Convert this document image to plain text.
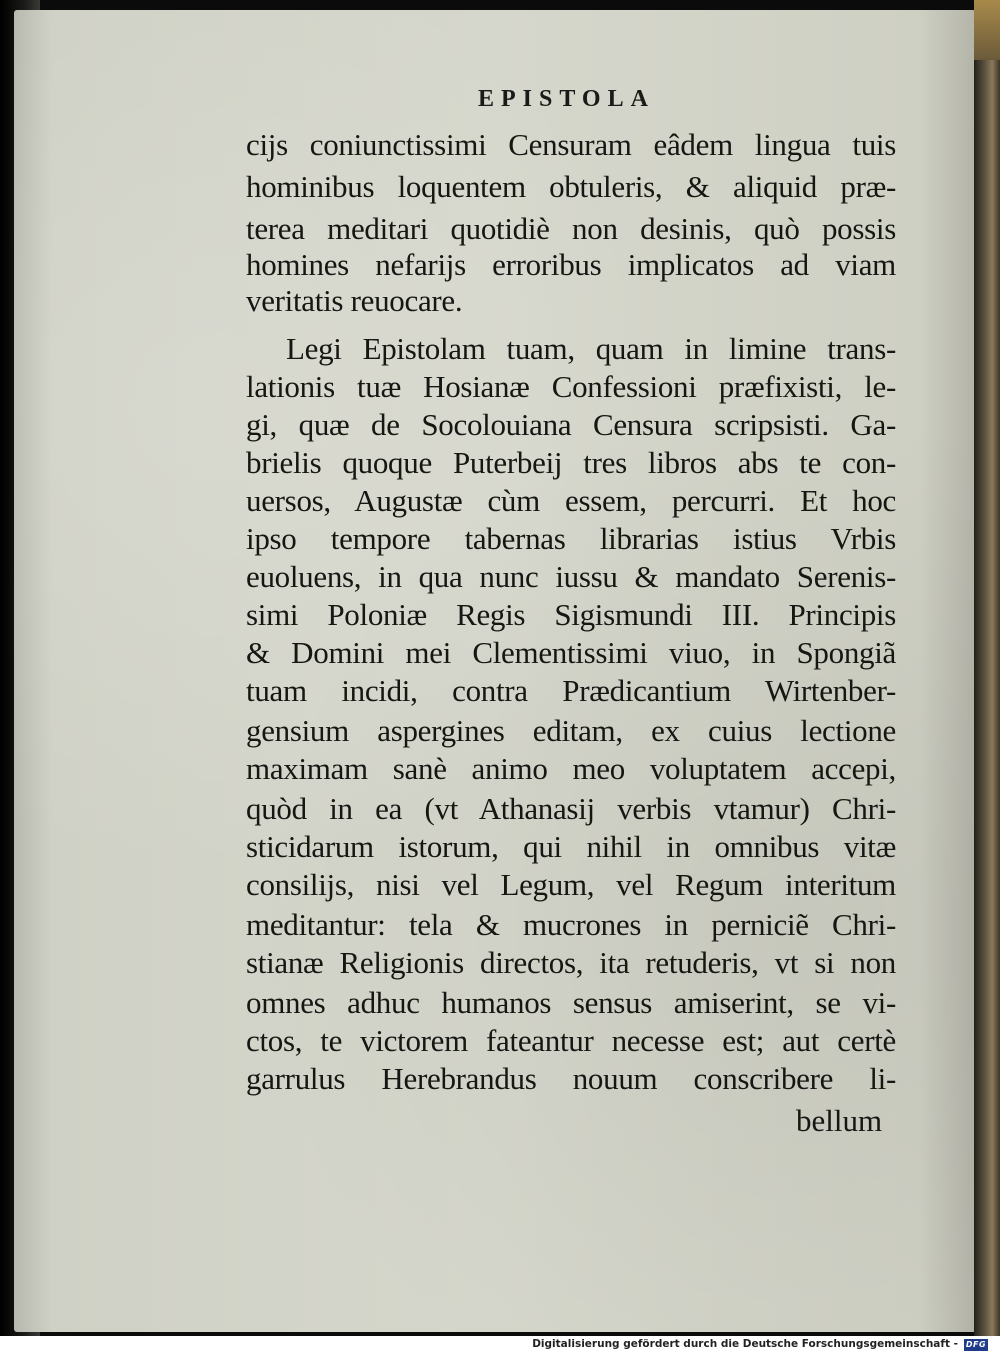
EPISTOLA
cijs coniunctissimi Censuram eâdem lingua tuis
hominibus loquentem obtuleris, & aliquid præ-
terea meditari quotidiè non desinis, quò possis
homines nefarijs erroribus implicatos ad viam
veritatis reuocare.
Legi Epistolam tuam, quam in limine trans-
lationis tuæ Hosianæ Confessioni præfixisti, le-
gi, quæ de Socolouiana Censura scripsisti. Ga-
brielis quoque Puterbeij tres libros abs te con-
uersos, Augustæ cùm essem, percurri. Et hoc
ipso tempore tabernas librarias istius Vrbis
euoluens, in qua nunc iussu & mandato Serenis-
simi Poloniæ Regis Sigismundi III. Principis
& Domini mei Clementissimi viuo, in Spongiã
tuam incidi, contra Prædicantium Wirtenber-
gensium aspergines editam, ex cuius lectione
maximam sanè animo meo voluptatem accepi,
quòd in ea (vt Athanasij verbis vtamur) Chri-
sticidarum istorum, qui nihil in omnibus vitæ
consilijs, nisi vel Legum, vel Regum interitum
meditantur: tela & mucrones in perniciẽ Chri-
stianæ Religionis directos, ita retuderis, vt si non
omnes adhuc humanos sensus amiserint, se vi-
ctos, te victorem fateantur necesse est; aut certè
garrulus Herebrandus nouum conscribere li-
bellum
Digitalisierung gefördert durch die Deutsche Forschungsgemeinschaft - DFG
